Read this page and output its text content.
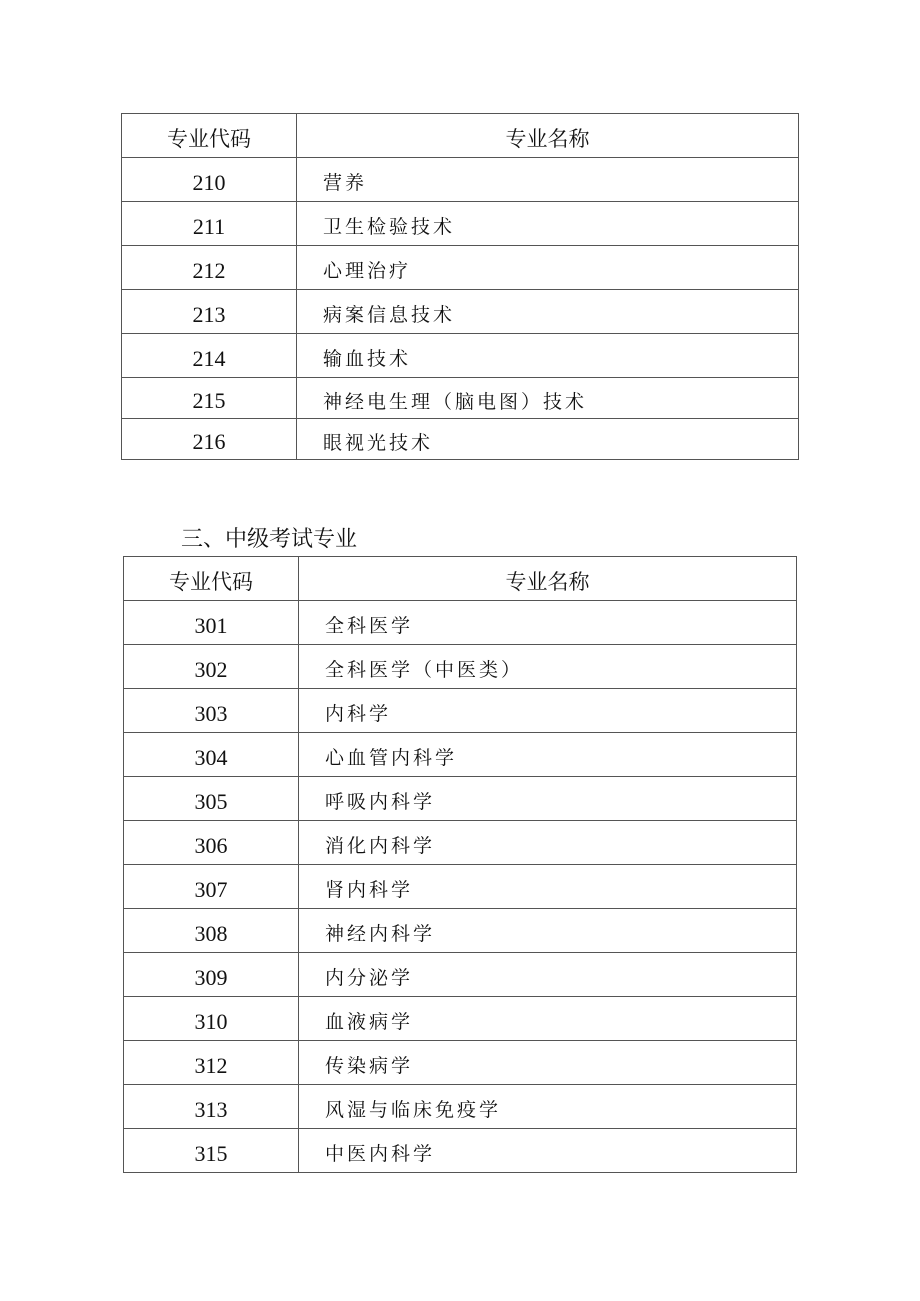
专业代码	专业名称
210	营养
211	卫生检验技术
212	心理治疗
213	病案信息技术
214	输血技术
215	神经电生理（脑电图）技术
216	眼视光技术
三、中级考试专业
专业代码	专业名称
301	全科医学
302	全科医学（中医类）
303	内科学
304	心血管内科学
305	呼吸内科学
306	消化内科学
307	肾内科学
308	神经内科学
309	内分泌学
310	血液病学
312	传染病学
313	风湿与临床免疫学
315	中医内科学
